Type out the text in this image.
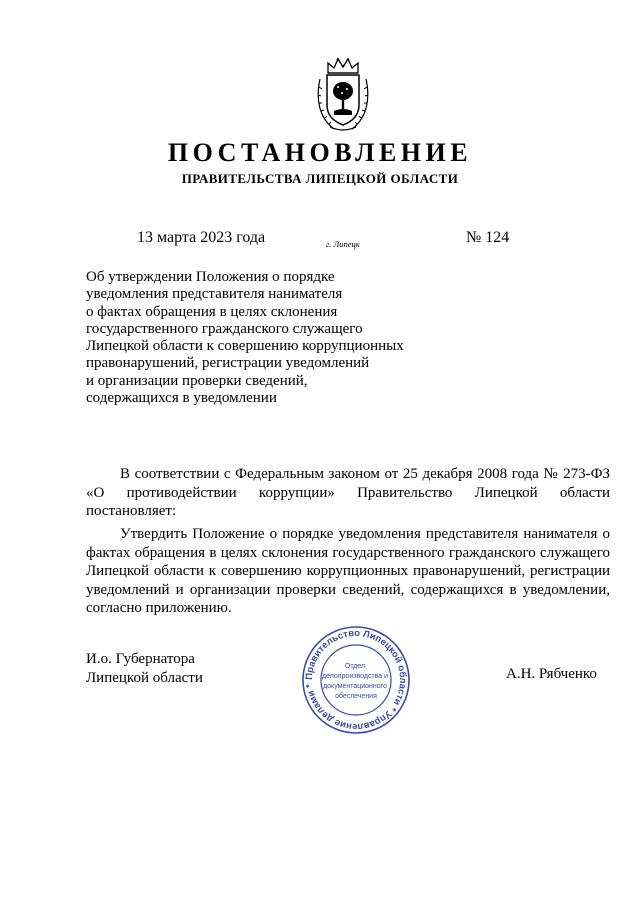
ПОСТАНОВЛЕНИЕ
ПРАВИТЕЛЬСТВА ЛИПЕЦКОЙ ОБЛАСТИ
13 марта 2023 года	г. Липецк	№ 124
Об утверждении Положения о порядке
уведомления представителя нанимателя
о фактах обращения в целях склонения
государственного гражданского служащего
Липецкой области к совершению коррупционных
правонарушений, регистрации уведомлений
и организации проверки сведений,
содержащихся в уведомлении
В соответствии с Федеральным законом от 25 декабря 2008 года № 273-ФЗ «О противодействии коррупции» Правительство Липецкой области постановляет:
Утвердить Положение о порядке уведомления представителя нанимателя о фактах обращения в целях склонения государственного гражданского служащего Липецкой области к совершению коррупционных правонарушений, регистрации уведомлений и организации проверки сведений, содержащихся в уведомлении, согласно приложению.
И.о. Губернатора
Липецкой области	А.Н. Рябченко
Правительство Липецкой области * Управление делами *
Отдел делопроизводства и документационного обеспечения
